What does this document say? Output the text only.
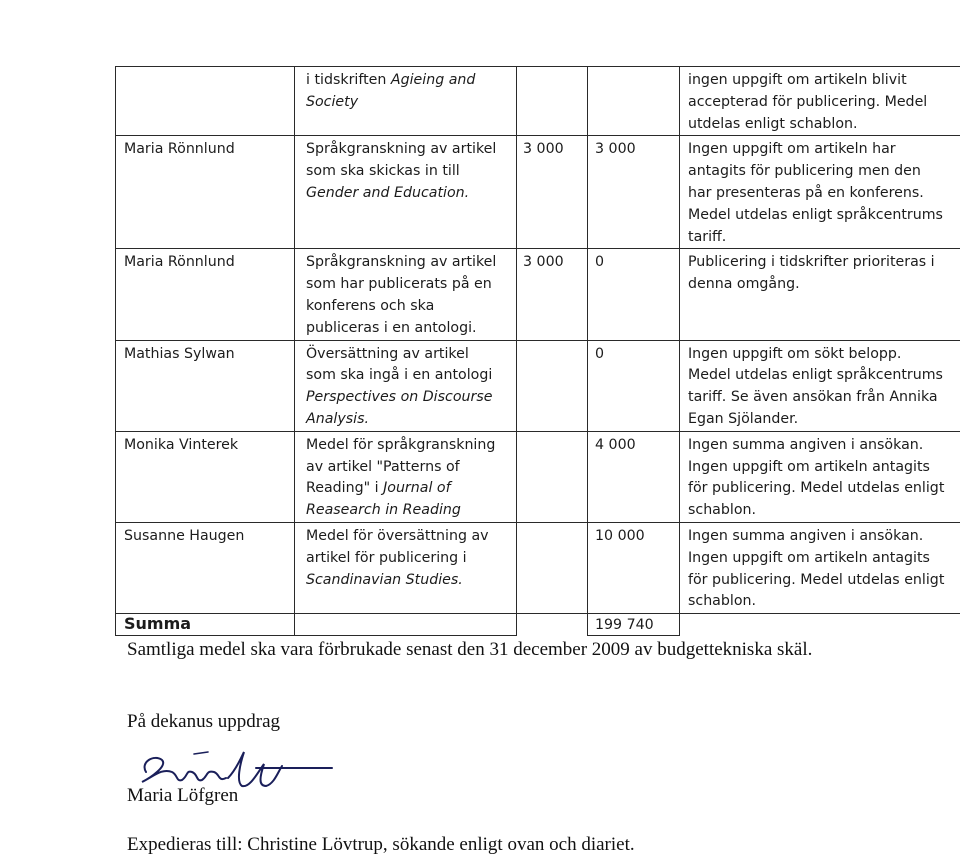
	i tidskriften Agieing and
Society			ingen uppgift om artikeln blivit
accepterad för publicering. Medel
utdelas enligt schablon.
Maria Rönnlund	Språkgranskning av artikel
som ska skickas in till
Gender and Education.	3 000	3 000	Ingen uppgift om artikeln har
antagits för publicering men den
har presenteras på en konferens.
Medel utdelas enligt språkcentrums
tariff.
Maria Rönnlund	Språkgranskning av artikel
som har publicerats på en
konferens och ska
publiceras i en antologi.	3 000	0	Publicering i tidskrifter prioriteras i
denna omgång.
Mathias Sylwan	Översättning av artikel
som ska ingå i en antologi
Perspectives on Discourse
Analysis.		0	Ingen uppgift om sökt belopp.
Medel utdelas enligt språkcentrums
tariff. Se även ansökan från Annika
Egan Sjölander.
Monika Vinterek	Medel för språkgranskning
av artikel "Patterns of
Reading" i Journal of
Reasearch in Reading		4 000	Ingen summa angiven i ansökan.
Ingen uppgift om artikeln antagits
för publicering. Medel utdelas enligt
schablon.
Susanne Haugen	Medel för översättning av
artikel för publicering i
Scandinavian Studies.		10 000	Ingen summa angiven i ansökan.
Ingen uppgift om artikeln antagits
för publicering. Medel utdelas enligt
schablon.
Summa			199 740	
Samtliga medel ska vara förbrukade senast den 31 december 2009 av budgettekniska skäl.
På dekanus uppdrag
Maria Löfgren
Expedieras till: Christine Lövtrup, sökande enligt ovan och diariet.
